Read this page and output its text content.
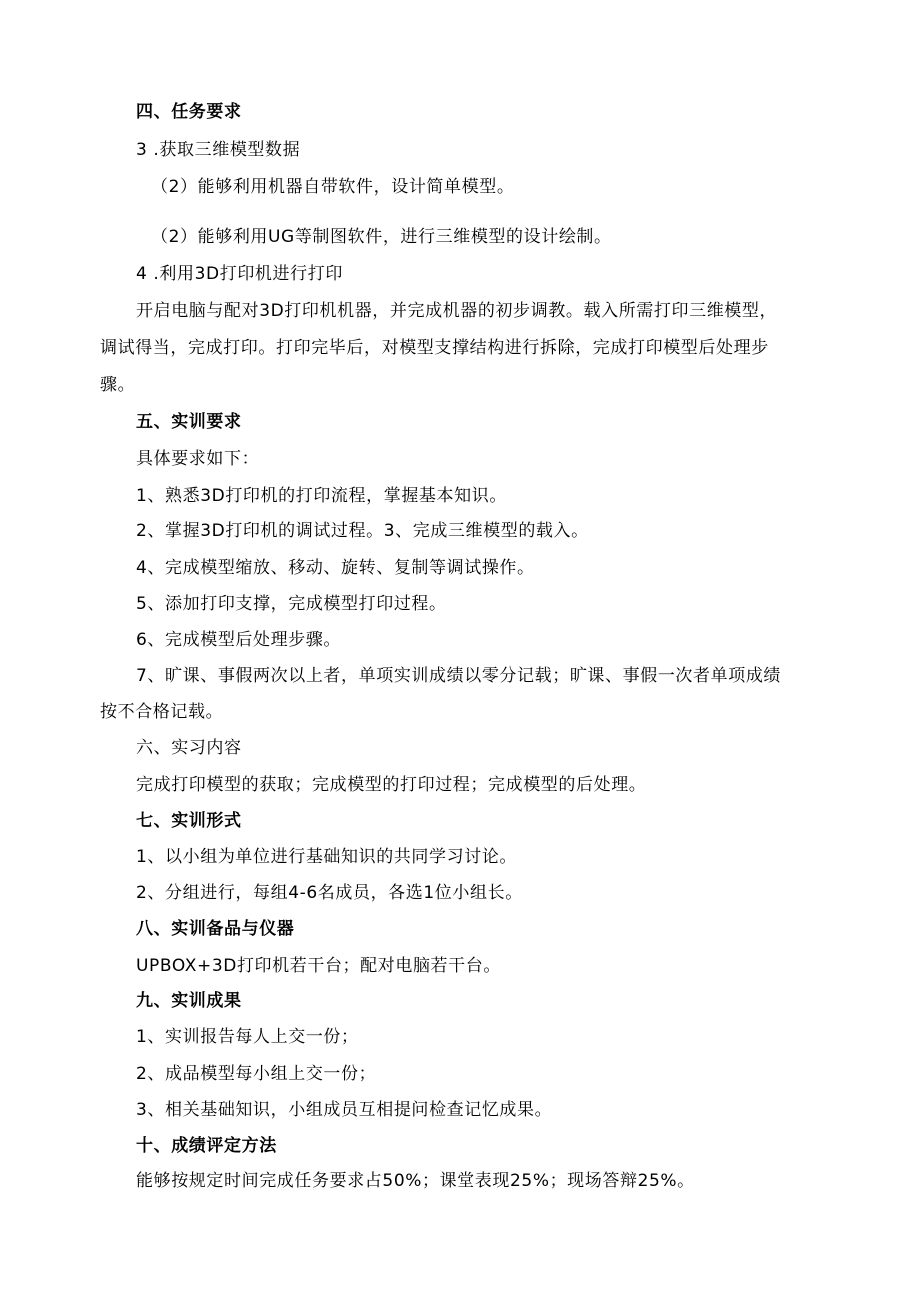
四、任务要求
3 .获取三维模型数据
（2）能够利用机器自带软件，设计简单模型。
（2）能够利用UG等制图软件，进行三维模型的设计绘制。
4 .利用3D打印机进行打印
开启电脑与配对3D打印机机器，并完成机器的初步调教。载入所需打印三维模型，
调试得当，完成打印。打印完毕后，对模型支撑结构进行拆除，完成打印模型后处理步
骤。
五、实训要求
具体要求如下：
1、熟悉3D打印机的打印流程，掌握基本知识。
2、掌握3D打印机的调试过程。3、完成三维模型的载入。
4、完成模型缩放、移动、旋转、复制等调试操作。
5、添加打印支撑，完成模型打印过程。
6、完成模型后处理步骤。
7、旷课、事假两次以上者，单项实训成绩以零分记载；旷课、事假一次者单项成绩
按不合格记载。
六、实习内容
完成打印模型的获取；完成模型的打印过程；完成模型的后处理。
七、实训形式
1、以小组为单位进行基础知识的共同学习讨论。
2、分组进行，每组4-6名成员，各选1位小组长。
八、实训备品与仪器
UPBOX+3D打印机若干台；配对电脑若干台。
九、实训成果
1、实训报告每人上交一份；
2、成品模型每小组上交一份；
3、相关基础知识，小组成员互相提问检查记忆成果。
十、成绩评定方法
能够按规定时间完成任务要求占50%；课堂表现25%；现场答辩25%。
